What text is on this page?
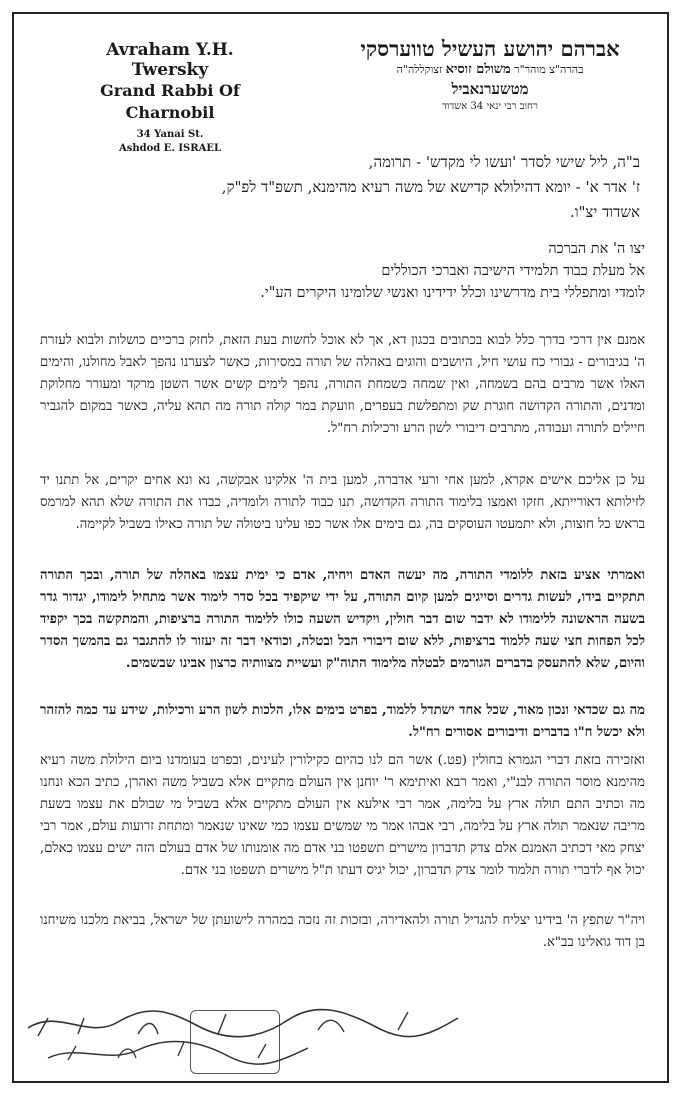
Avraham Y.H. Twersky
Grand Rabbi Of Charnobil
34 Yanai St.
Ashdod E. ISRAEL
אברהם יהושע העשיל טווערסקי
בהרה"צ מוהר"ר משולם זוסיא זצוקללה"ה
מטשערנאביל
רחוב רבי ינאי 34 אשדוד
ב"ה, ליל שישי לסדר 'ועשו לי מקדש' - תרומה,
ז' אדר א' - יומא דהילולא קדישא של משה רעיא מהימנא, תשפ"ד לפ"ק,
אשדוד יצ"ו.
יצו ה' את הברכה
אל מעלת כבוד תלמידי הישיבה ואברכי הכוללים
לומדי ומתפללי בית מדרשינו וכלל ידידינו ואנשי שלומינו היקרים הע"י.
אמנם אין דרכי בדרך כלל לבוא בכתובים בכגון דא, אך לא אוכל לחשות בעת הזאת, לחזק ברכיים כושלות ולבוא לעזרת ה' בגיבורים - גבורי כח עושי חיל, היושבים והוגים באהלה של תורה במסירות, כאשר לצערנו נהפך לאבל מחולנו, והימים האלו אשר מרבים בהם בשמחה, ואין שמחה כשמחת התורה, נהפך לימים קשים אשר השטן מרקד ומעורר מחלוקת ומדנים, והתורה הקדושה חוגרת שק ומתפלשת בעפרים, וזועקת במר קולה תורה מה תהא עליה, כאשר במקום להגביר חיילים לתורה ועבודה, מתרבים דיבורי לשון הרע ורכילות רח"ל.
על כן אליכם אישים אקרא, למען אחי ורעי אדברה, למען בית ה' אלקינו אבקשה, נא ונא אחים יקרים, אל תתנו יד לזילותא דאורייתא, חזקו ואמצו בלימוד התורה הקדושה, תנו כבוד לתורה ולומדיה, כבדו את התורה שלא תהא למרמס בראש כל חוצות, ולא יתמעטו העוסקים בה, גם בימים אלו אשר כפו עלינו ביטולה של תורה כאילו בשביל לקיימה.
ואמרתי אציע בזאת ללומדי התורה, מה יעשה האדם ויחיה, אדם כי ימית עצמו באהלה של תורה, ובכך התורה תתקיים בידו, לעשות גדרים וסייגים למען קיום התורה, על ידי שיקפיד בכל סדר לימוד אשר מתחיל לימודו, יגדור גדר בשעה הראשונה ללימודו לא ידבר שום דבר חולין, ויקדיש השעה כולו ללימוד התורה ברציפות, והמתקשה בכך יקפיד לכל הפחות חצי שעה ללמוד ברציפות, ללא שום דיבורי הבל ובטלה, וכודאי דבר זה יעזור לו להתגבר גם בהמשך הסדר והיום, שלא להתעסק בדברים הגורמים לבטלה מלימוד התוה"ק ועשיית מצוותיה כרצון אבינו שבשמים.
מה גם שכדאי ונכון מאוד, שכל אחד ישתדל ללמוד, בפרט בימים אלו, הלכות לשון הרע ורכילות, שידע עד כמה להזהר ולא יכשל ח"ו בדברים ודיבורים אסורים רח"ל.
ואזכירה בזאת דברי הגמרא בחולין (פט.) אשר הם לנו כהיום כקילורין לעינים, ובפרט בעומדנו ביום הילולת משה רעיא מהימנא מוסר התורה לבנ"י, ואמר רבא ואיתימא ר' יוחנן אין העולם מתקיים אלא בשביל משה ואהרן, כתיב הכא ונחנו מה וכתיב התם תולה ארץ על בלימה, אמר רבי אילעא אין העולם מתקיים אלא בשביל מי שבולם את עצמו בשעת מריבה שנאמר תולה ארץ על בלימה, רבי אבהו אמר מי שמשים עצמו כמי שאינו שנאמר ומתחת זרועות עולם, אמר רבי יצחק מאי דכתיב האמנם אלם צדק תדברון מישרים תשפטו בני אדם מה אומנותו של אדם בעולם הזה ישים עצמו כאלם, יכול אף לדברי תורה תלמוד לומר צדק תדברון, יכול יגיס דעתו ת"ל מישרים תשפטו בני אדם.
ויה"ר שתפץ ה' בידינו יצליח להגדיל תורה ולהאדירה, ובזכות זה נזכה במהרה לישועתן של ישראל, בביאת מלכנו משיחנו בן דוד גואלינו בב"א.
